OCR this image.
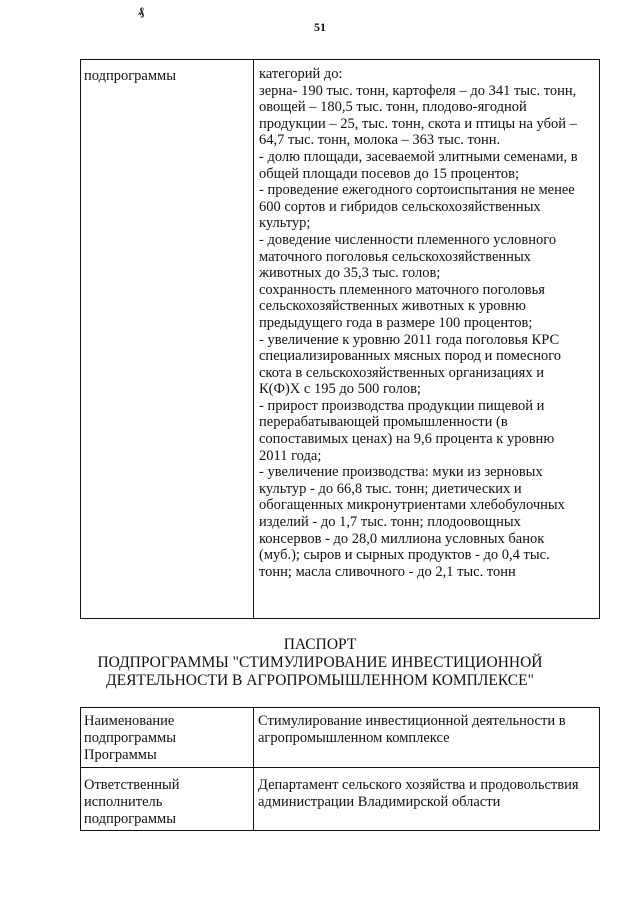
₰
51
подпрограммы	категорий до:
зерна- 190 тыс. тонн, картофеля – до 341 тыс. тонн,
овощей – 180,5 тыс. тонн, плодово-ягодной
продукции – 25, тыс. тонн, скота и птицы на убой –
64,7 тыс. тонн, молока – 363 тыс. тонн.
- долю площади, засеваемой элитными семенами, в
общей площади посевов до 15 процентов;
- проведение ежегодного сортоиспытания не менее
600 сортов и гибридов сельскохозяйственных
культур;
- доведение численности племенного условного
маточного поголовья сельскохозяйственных
животных до 35,3 тыс. голов;
сохранность племенного маточного поголовья
сельскохозяйственных животных к уровню
предыдущего года в размере 100 процентов;
- увеличение к уровню 2011 года поголовья КРС
специализированных мясных пород и помесного
скота в сельскохозяйственных организациях и
К(Ф)Х с 195 до 500 голов;
- прирост производства продукции пищевой и
перерабатывающей промышленности (в
сопоставимых ценах) на 9,6 процента к уровню
2011 года;
- увеличение производства: муки из зерновых
культур - до 66,8 тыс. тонн; диетических и
обогащенных микронутриентами хлебобулочных
изделий - до 1,7 тыс. тонн; плодоовощных
консервов - до 28,0 миллиона условных банок
(муб.); сыров и сырных продуктов - до 0,4 тыс.
тонн; масла сливочного - до 2,1 тыс. тонн
ПАСПОРТ
ПОДПРОГРАММЫ "СТИМУЛИРОВАНИЕ ИНВЕСТИЦИОННОЙ
ДЕЯТЕЛЬНОСТИ В АГРОПРОМЫШЛЕННОМ КОМПЛЕКСЕ"
Наименование
подпрограммы
Программы
Стимулирование инвестиционной деятельности в
агропромышленном комплексе
Ответственный
исполнитель
подпрограммы
Департамент сельского хозяйства и продовольствия
администрации Владимирской области
